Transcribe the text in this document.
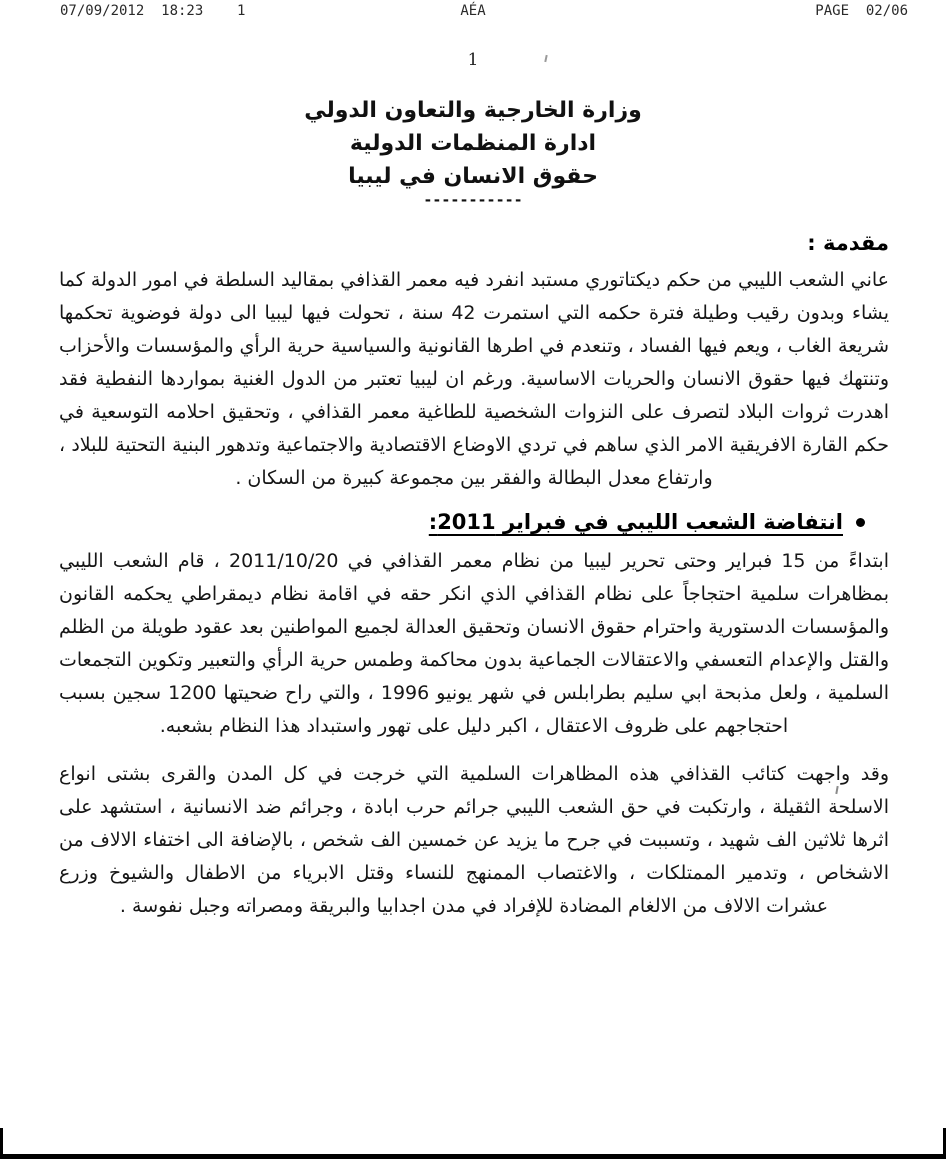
07/09/2012  18:23    1	AÉA	PAGE  02/06
1
وزارة الخارجية والتعاون الدولي
ادارة المنظمات الدولية
حقوق الانسان في ليبيا
-----------
مقدمة :
عاني الشعب الليبي من حكم ديكتاتوري مستبد انفرد فيه معمر القذافي بمقاليد السلطة في امور الدولة كما يشاء وبدون رقيب وطيلة فترة حكمه التي استمرت 42 سنة ، تحولت فيها ليبيا الى دولة فوضوية تحكمها شريعة الغاب ، ويعم فيها الفساد ، وتنعدم في اطرها القانونية والسياسية حرية الرأي والمؤسسات والأحزاب وتنتهك فيها حقوق الانسان والحريات الاساسية. ورغم ان ليبيا تعتبر من الدول الغنية بمواردها النفطية فقد اهدرت ثروات البلاد لتصرف على النزوات الشخصية للطاغية معمر القذافي ، وتحقيق احلامه التوسعية في حكم القارة الافريقية الامر الذي ساهم في تردي الاوضاع الاقتصادية والاجتماعية وتدهور البنية التحتية للبلاد ، وارتفاع معدل البطالة والفقر بين مجموعة كبيرة من السكان .
انتفاضة الشعب الليبي في فبراير 2011:
ابتداءً من 15 فبراير وحتى تحرير ليبيا من نظام معمر القذافي في 2011/10/20 ، قام الشعب الليبي بمظاهرات سلمية احتجاجاً على نظام القذافي الذي انكر حقه في اقامة نظام ديمقراطي يحكمه القانون والمؤسسات الدستورية واحترام حقوق الانسان وتحقيق العدالة لجميع المواطنين بعد عقود طويلة من الظلم والقتل والإعدام التعسفي والاعتقالات الجماعية بدون محاكمة وطمس حرية الرأي والتعبير وتكوين التجمعات السلمية ، ولعل مذبحة ابي سليم بطرابلس في شهر يونيو 1996 ، والتي راح ضحيتها 1200 سجين بسبب احتجاجهم على ظروف الاعتقال ، اكبر دليل على تهور واستبداد هذا النظام بشعبه.
وقد واجهت كتائب القذافي هذه المظاهرات السلمية التي خرجت في كل المدن والقرى بشتى انواع الاسلحة الثقيلة ، وارتكبت في حق الشعب الليبي جرائم حرب ابادة ، وجرائم ضد الانسانية ، استشهد على اثرها ثلاثين الف شهيد ، وتسببت في جرح ما يزيد عن خمسين الف شخص ، بالإضافة الى اختفاء الالاف من الاشخاص ، وتدمير الممتلكات ، والاغتصاب الممنهج للنساء وقتل الابرياء من الاطفال والشيوخ وزرع عشرات الالاف من الالغام المضادة للإفراد في مدن اجدابيا والبريقة ومصراته وجبل نفوسة .
